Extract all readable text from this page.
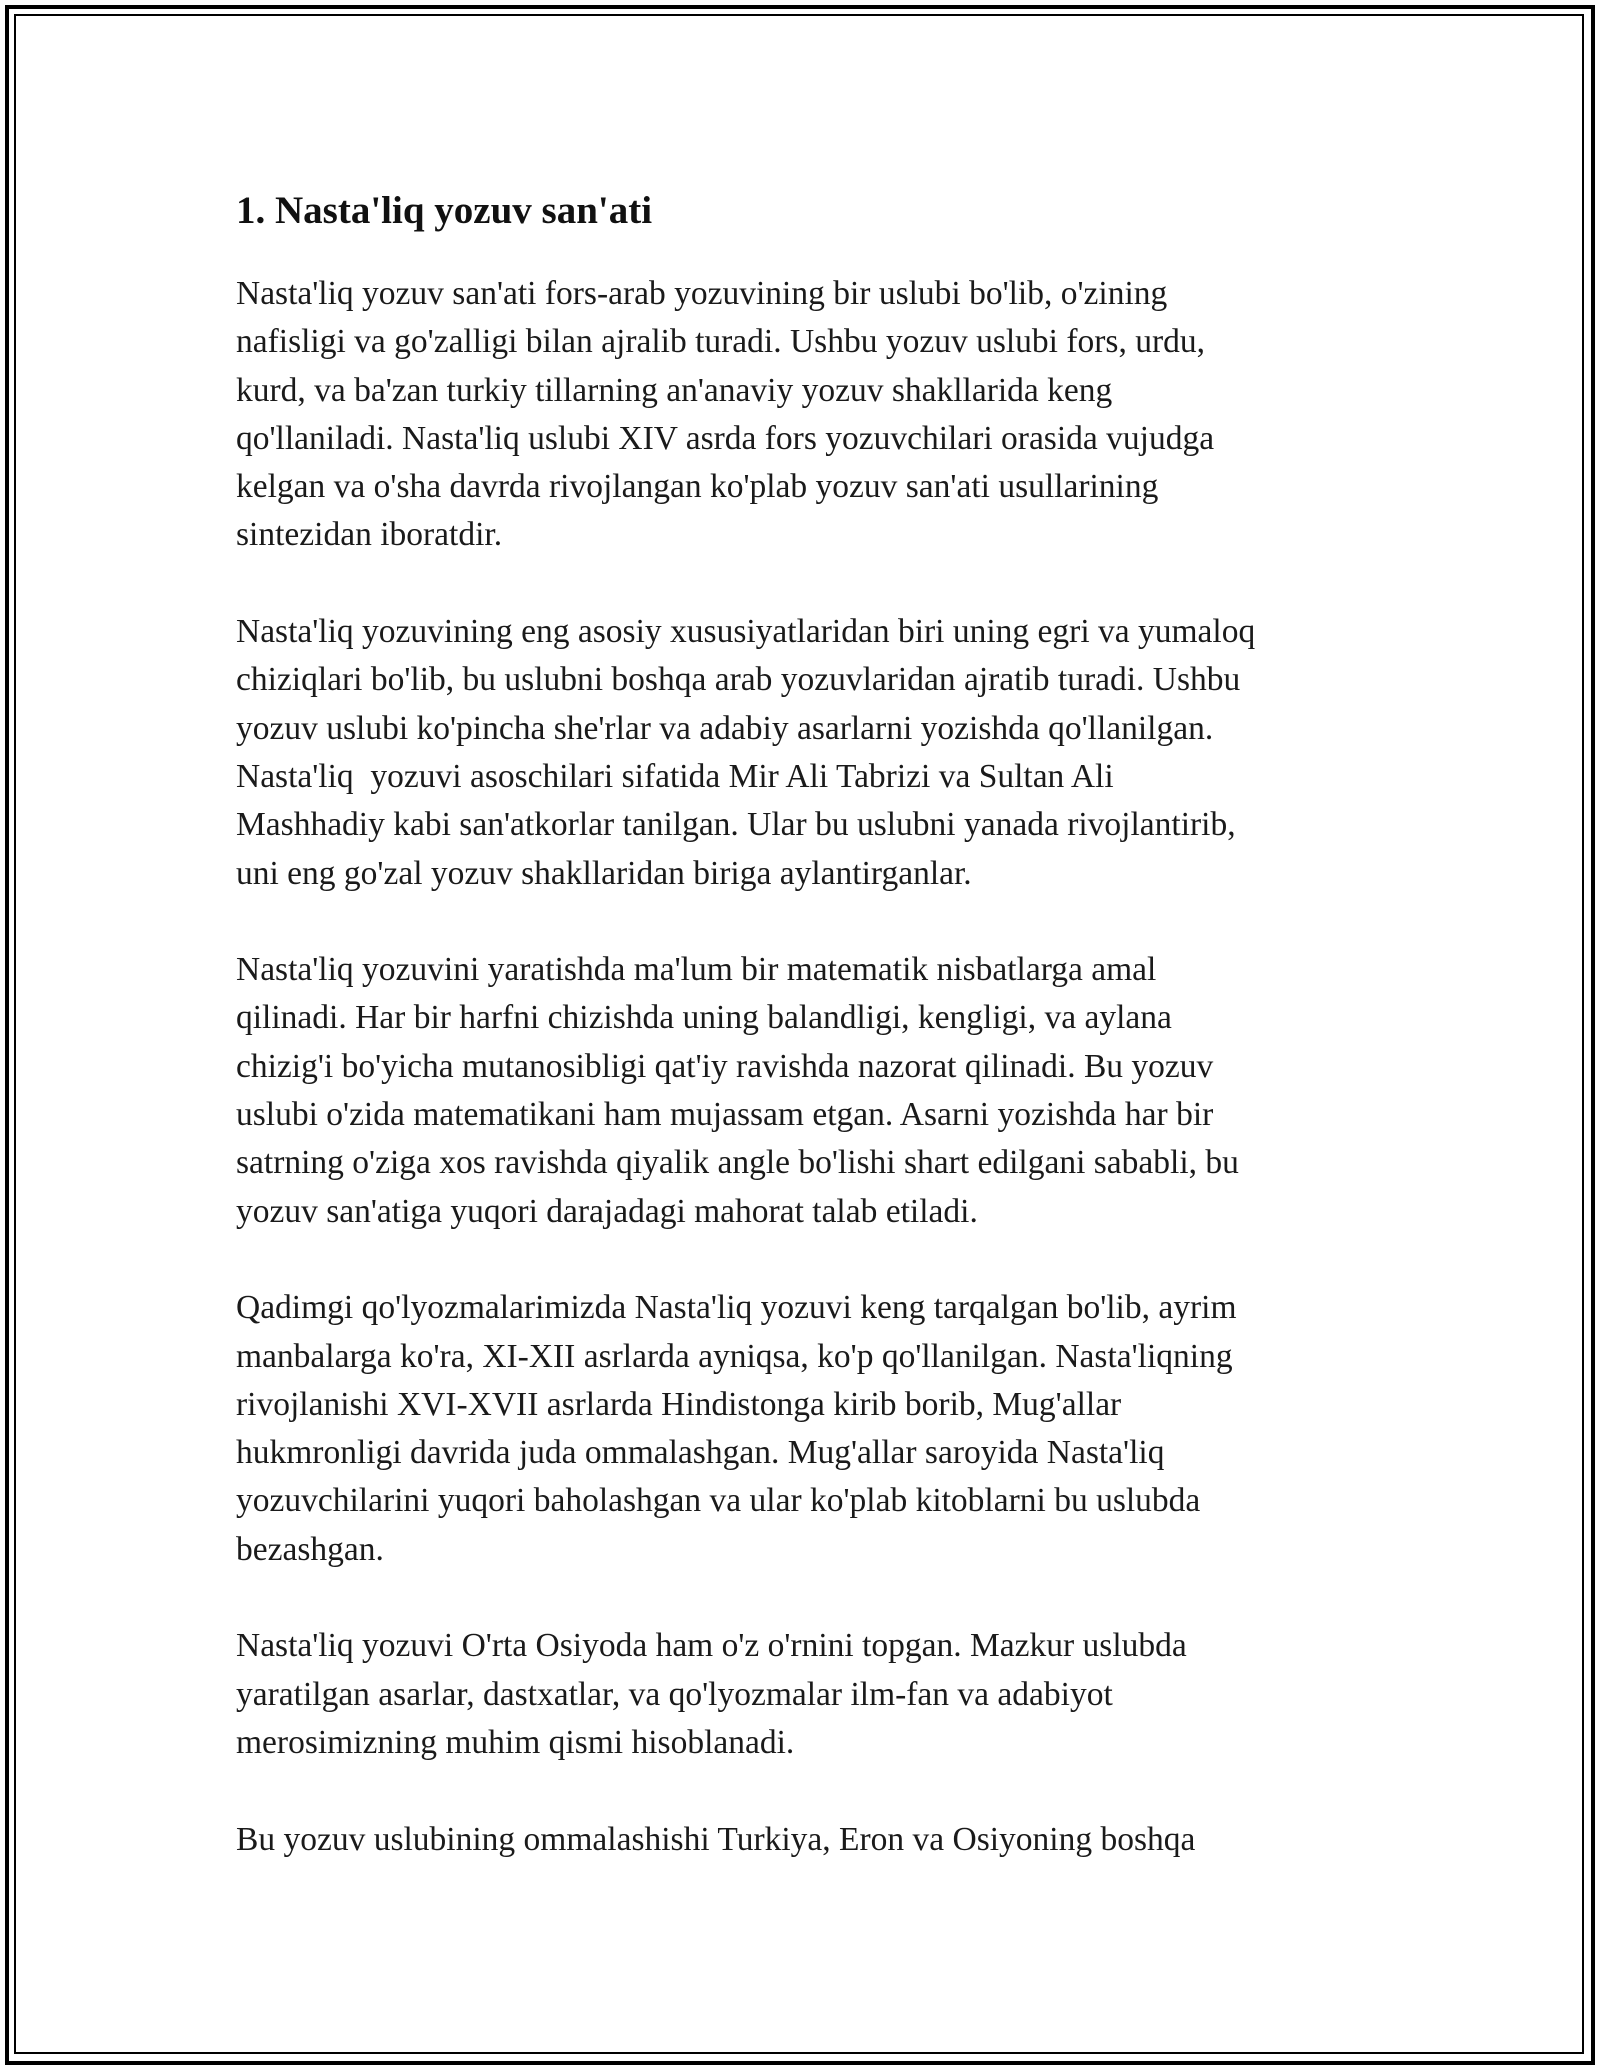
1. Nasta'liq yozuv san'ati
Nasta'liq yozuv san'ati fors-arab yozuvining bir uslubi bo'lib, o'zining
nafisligi va go'zalligi bilan ajralib turadi. Ushbu yozuv uslubi fors, urdu,
kurd, va ba'zan turkiy tillarning an'anaviy yozuv shakllarida keng
qo'llaniladi. Nasta'liq uslubi XIV asrda fors yozuvchilari orasida vujudga
kelgan va o'sha davrda rivojlangan ko'plab yozuv san'ati usullarining
sintezidan iboratdir.
Nasta'liq yozuvining eng asosiy xususiyatlaridan biri uning egri va yumaloq
chiziqlari bo'lib, bu uslubni boshqa arab yozuvlaridan ajratib turadi. Ushbu
yozuv uslubi ko'pincha she'rlar va adabiy asarlarni yozishda qo'llanilgan.
Nasta'liq  yozuvi asoschilari sifatida Mir Ali Tabrizi va Sultan Ali
Mashhadiy kabi san'atkorlar tanilgan. Ular bu uslubni yanada rivojlantirib,
uni eng go'zal yozuv shakllaridan biriga aylantirganlar.
Nasta'liq yozuvini yaratishda ma'lum bir matematik nisbatlarga amal
qilinadi. Har bir harfni chizishda uning balandligi, kengligi, va aylana
chizig'i bo'yicha mutanosibligi qat'iy ravishda nazorat qilinadi. Bu yozuv
uslubi o'zida matematikani ham mujassam etgan. Asarni yozishda har bir
satrning o'ziga xos ravishda qiyalik angle bo'lishi shart edilgani sababli, bu
yozuv san'atiga yuqori darajadagi mahorat talab etiladi.
Qadimgi qo'lyozmalarimizda Nasta'liq yozuvi keng tarqalgan bo'lib, ayrim
manbalarga ko'ra, XI-XII asrlarda ayniqsa, ko'p qo'llanilgan. Nasta'liqning
rivojlanishi XVI-XVII asrlarda Hindistonga kirib borib, Mug'allar
hukmronligi davrida juda ommalashgan. Mug'allar saroyida Nasta'liq
yozuvchilarini yuqori baholashgan va ular ko'plab kitoblarni bu uslubda
bezashgan.
Nasta'liq yozuvi O'rta Osiyoda ham o'z o'rnini topgan. Mazkur uslubda
yaratilgan asarlar, dastxatlar, va qo'lyozmalar ilm-fan va adabiyot
merosimizning muhim qismi hisoblanadi.
Bu yozuv uslubining ommalashishi Turkiya, Eron va Osiyoning boshqa
